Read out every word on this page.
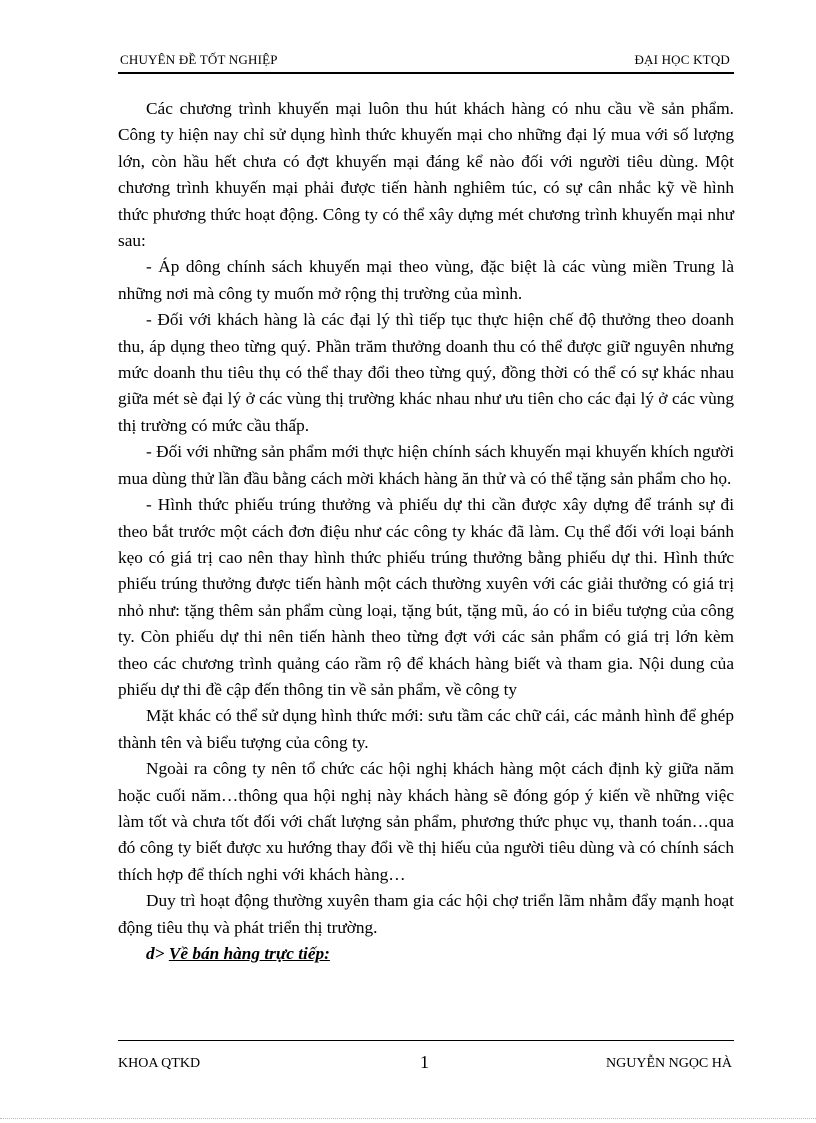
CHUYÊN ĐỀ TỐT NGHIỆP	ĐẠI HỌC KTQD

Các chương trình khuyến mại luôn thu hút khách hàng có nhu cầu về sản phẩm. Công ty hiện nay chỉ sử dụng hình thức khuyến mại cho những đại lý mua với số lượng lớn, còn hầu hết chưa có đợt khuyến mại đáng kể nào đối với người tiêu dùng. Một chương trình khuyến mại phải được tiến hành nghiêm túc, có sự cân nhắc kỹ về hình thức phương thức hoạt động. Công ty có thể xây dựng mét chương trình khuyến mại như sau:

- Áp dông chính sách khuyến mại theo vùng, đặc biệt là các vùng miền Trung là những nơi mà công ty muốn mở rộng thị trường của mình.

- Đối với khách hàng là các đại lý thì tiếp tục thực hiện chế độ thưởng theo doanh thu, áp dụng theo từng quý. Phần trăm thưởng doanh thu có thể được giữ nguyên nhưng mức doanh thu tiêu thụ có thể thay đổi theo từng quý, đồng thời có thể có sự khác nhau giữa mét sè đại lý ở các vùng thị trường khác nhau như ưu tiên cho các đại lý ở các vùng thị trường có mức cầu thấp.

- Đối với những sản phẩm mới thực hiện chính sách khuyến mại khuyến khích người mua dùng thử lần đầu bằng cách mời khách hàng ăn thử và có thể tặng sản phẩm cho họ.

- Hình thức phiếu trúng thưởng và phiếu dự thi cần được xây dựng để tránh sự đi theo bắt trước một cách đơn điệu như các công ty khác đã làm. Cụ thể đối với loại bánh kẹo có giá trị cao nên thay hình thức phiếu trúng thưởng bằng phiếu dự thi. Hình thức phiếu trúng thưởng được tiến hành một cách thường xuyên với các giải thưởng có giá trị nhỏ như: tặng thêm sản phẩm cùng loại, tặng bút, tặng mũ, áo có in biểu tượng của công ty. Còn phiếu dự thi nên tiến hành theo từng đợt với các sản phẩm có giá trị lớn kèm theo các chương trình quảng cáo rầm rộ để khách hàng biết và tham gia. Nội dung của phiếu dự thi đề cập đến thông tin về sản phẩm, về công ty

Mặt khác có thể sử dụng hình thức mới: sưu tầm các chữ cái, các mảnh hình để ghép thành tên và biểu tượng của công ty.

Ngoài ra công ty nên tổ chức các hội nghị khách hàng một cách định kỳ giữa năm hoặc cuối năm…thông qua hội nghị này khách hàng sẽ đóng góp ý kiến về những việc làm tốt và chưa tốt đối với chất lượng sản phẩm, phương thức phục vụ, thanh toán…qua đó công ty biết được xu hướng thay đổi về thị hiếu của người tiêu dùng và có chính sách thích hợp để thích nghi với khách hàng…

Duy trì hoạt động thường xuyên tham gia các hội chợ triển lãm nhằm đẩy mạnh hoạt động tiêu thụ và phát triển thị trường.

d> Về bán hàng trực tiếp:
KHOA QTKD	1	NGUYỄN NGỌC HÀ
